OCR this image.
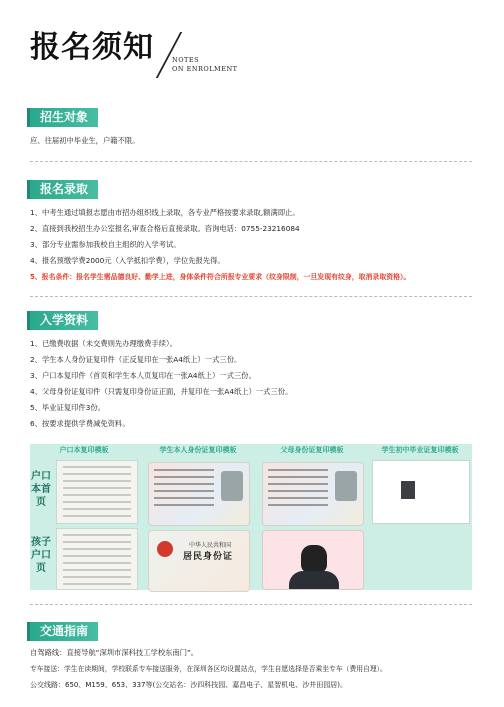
报名须知	NOTES
ON ENROLMENT
招生对象
应、往届初中毕业生，户籍不限。
报名录取
1、中考生通过填报志愿由市招办组织线上录取，各专业严格按要求录取,额满即止。
2、直接到我校招生办公室报名,审查合格后直接录取。咨询电话：0755-23216084
3、部分专业需参加我校自主组织的入学考试。
4、报名预缴学费2000元（入学抵扣学费），学位先报先得。
5、报名条件：报名学生需品德良好、勤学上进，身体条件符合所报专业要求（纹身限制，一旦发现有纹身，取消录取资格）。
入学资料
1、已缴费收据（未交费则先办理缴费手续）。
2、学生本人身份证复印件（正反复印在一张A4纸上）一式三份。
3、户口本复印件（首页和学生本人页复印在一张A4纸上）一式三份。
4、父母身份证复印件（只需复印身份证正面，并复印在一张A4纸上）一式三份。
5、毕业证复印件3份。
6、按要求提供学费减免资料。
户口本复印模板	学生本人身份证复印模板	父母身份证复印模板	学生初中毕业证复印模板
户口本首页
孩子户口页
中华人民共和国
居民身份证
交通指南
自驾路线：直接导航“深圳市深科技工学校东南门”。
专车接送：学生在读期间，学校联系专车接送服务，在深圳各区均设置站点，学生自愿选择是否乘坐专车（费用自理）。
公交线路：650、M159、653、337等(公交站名：沙四科技园、嘉昌电子、星智机电、沙井田园居)。
